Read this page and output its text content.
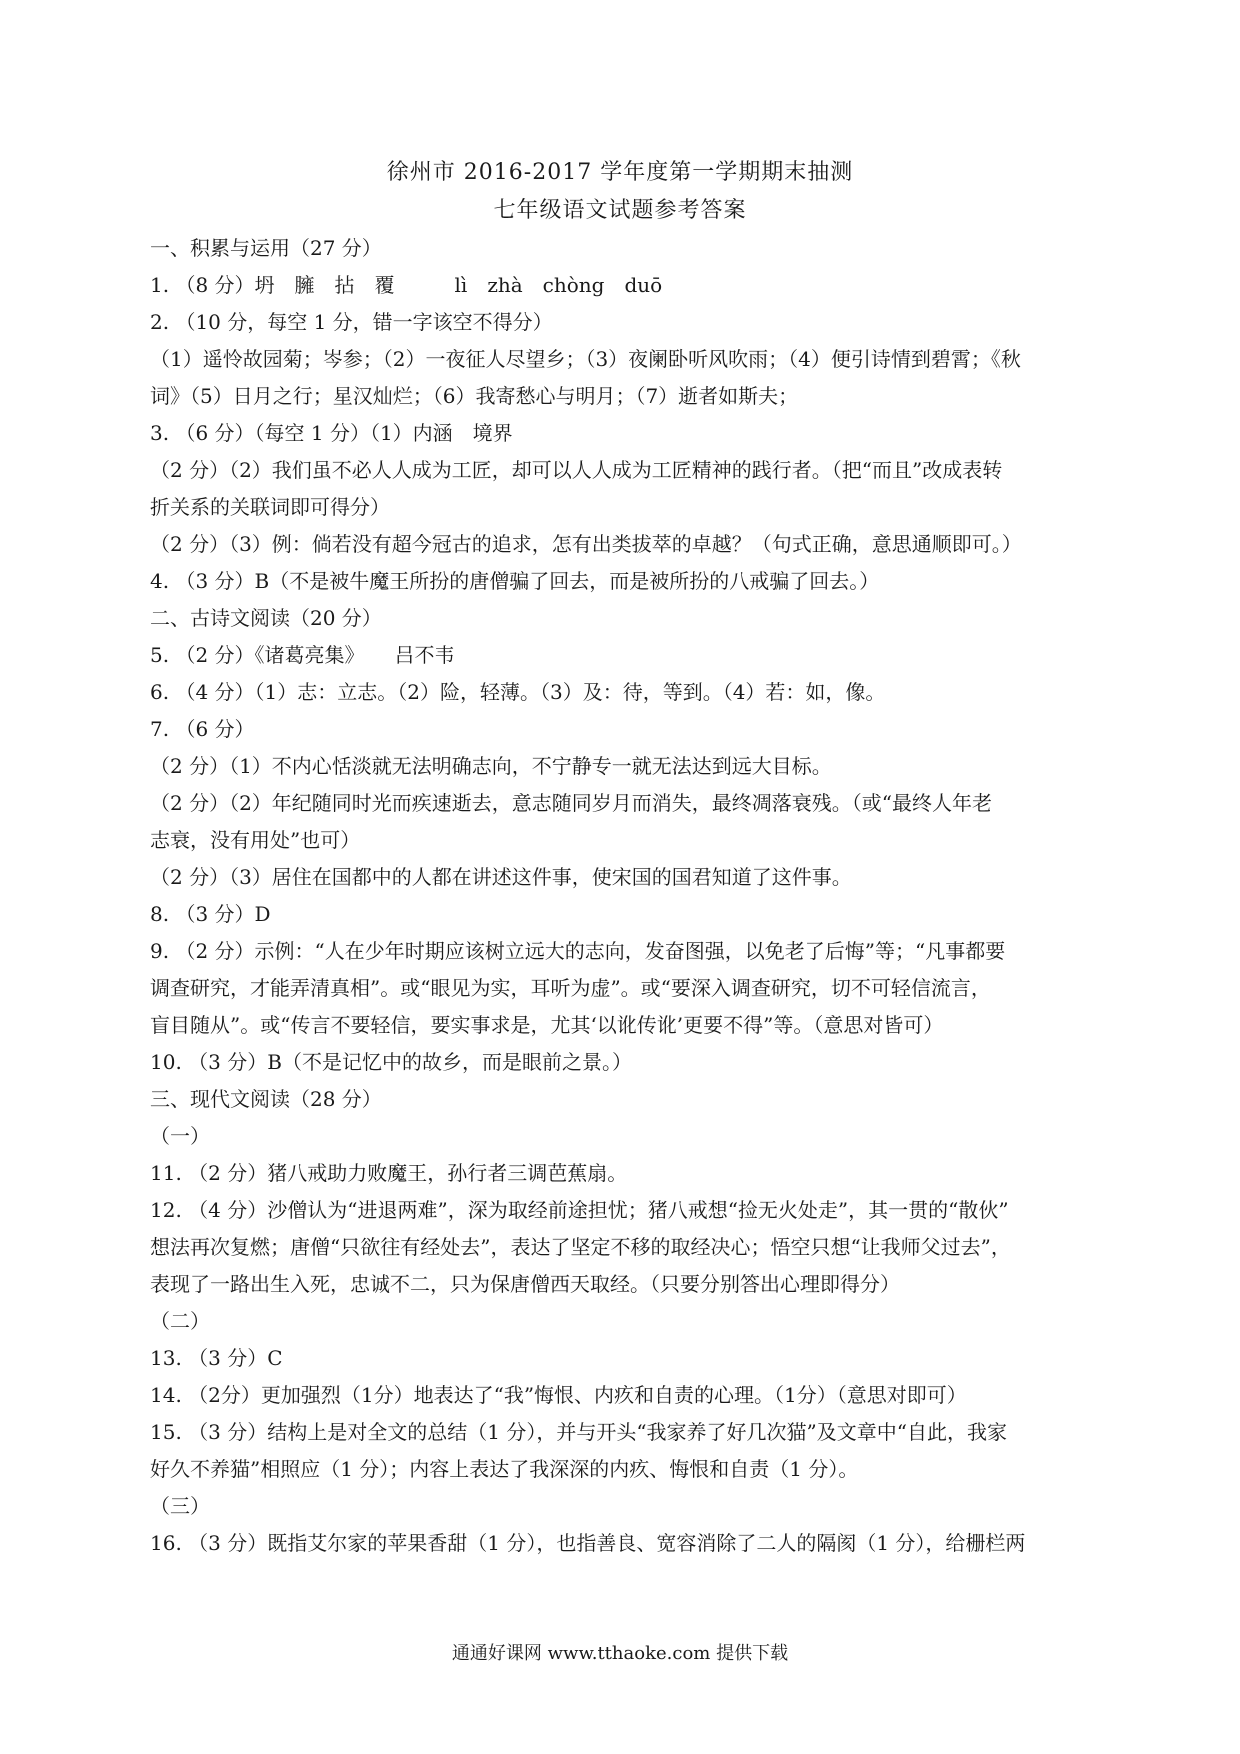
徐州市 2016-2017 学年度第一学期期末抽测
七年级语文试题参考答案
一、积累与运用（27 分）
1. （8 分）坍　臃　拈　覆　　　lì　zhà　chòng　duō
2. （10 分，每空 1 分，错一字该空不得分）
（1）遥怜故园菊；岑参；（2）一夜征人尽望乡；（3）夜阑卧听风吹雨；（4）便引诗情到碧霄；《秋
词》（5）日月之行；星汉灿烂；（6）我寄愁心与明月；（7）逝者如斯夫；
3. （6 分）（每空 1 分）（1）内涵　境界
（2 分）（2）我们虽不必人人成为工匠，却可以人人成为工匠精神的践行者。（把“而且”改成表转
折关系的关联词即可得分）
（2 分）（3）例：倘若没有超今冠古的追求，怎有出类拔萃的卓越？（句式正确，意思通顺即可。）
4. （3 分）B（不是被牛魔王所扮的唐僧骗了回去，而是被所扮的八戒骗了回去。）
二、古诗文阅读（20 分）
5. （2 分）《诸葛亮集》　　吕不韦
6. （4 分）（1）志：立志。（2）险，轻薄。（3）及：待，等到。（4）若：如，像。
7. （6 分）
（2 分）（1）不内心恬淡就无法明确志向，不宁静专一就无法达到远大目标。
（2 分）（2）年纪随同时光而疾速逝去，意志随同岁月而消失，最终凋落衰残。（或“最终人年老
志衰，没有用处”也可）
（2 分）（3）居住在国都中的人都在讲述这件事，使宋国的国君知道了这件事。
8. （3 分）D
9. （2 分）示例：“人在少年时期应该树立远大的志向，发奋图强，以免老了后悔”等；“凡事都要
调查研究，才能弄清真相”。或“眼见为实，耳听为虚”。或“要深入调查研究，切不可轻信流言，
盲目随从”。或“传言不要轻信，要实事求是，尤其‘以讹传讹’更要不得”等。（意思对皆可）
10. （3 分）B（不是记忆中的故乡，而是眼前之景。）
三、现代文阅读（28 分）
（一）
11. （2 分）猪八戒助力败魔王，孙行者三调芭蕉扇。
12. （4 分）沙僧认为“进退两难”，深为取经前途担忧；猪八戒想“捡无火处走”，其一贯的“散伙”
想法再次复燃；唐僧“只欲往有经处去”，表达了坚定不移的取经决心；悟空只想“让我师父过去”，
表现了一路出生入死，忠诚不二，只为保唐僧西天取经。（只要分别答出心理即得分）
（二）
13. （3 分）C
14. （2分）更加强烈（1分）地表达了“我”悔恨、内疚和自责的心理。（1分）（意思对即可）
15. （3 分）结构上是对全文的总结（1 分），并与开头“我家养了好几次猫”及文章中“自此，我家
好久不养猫”相照应（1 分）；内容上表达了我深深的内疚、悔恨和自责（1 分）。
（三）
16. （3 分）既指艾尔家的苹果香甜（1 分），也指善良、宽容消除了二人的隔阂（1 分），给栅栏两
通通好课网 www.tthaoke.com 提供下载
